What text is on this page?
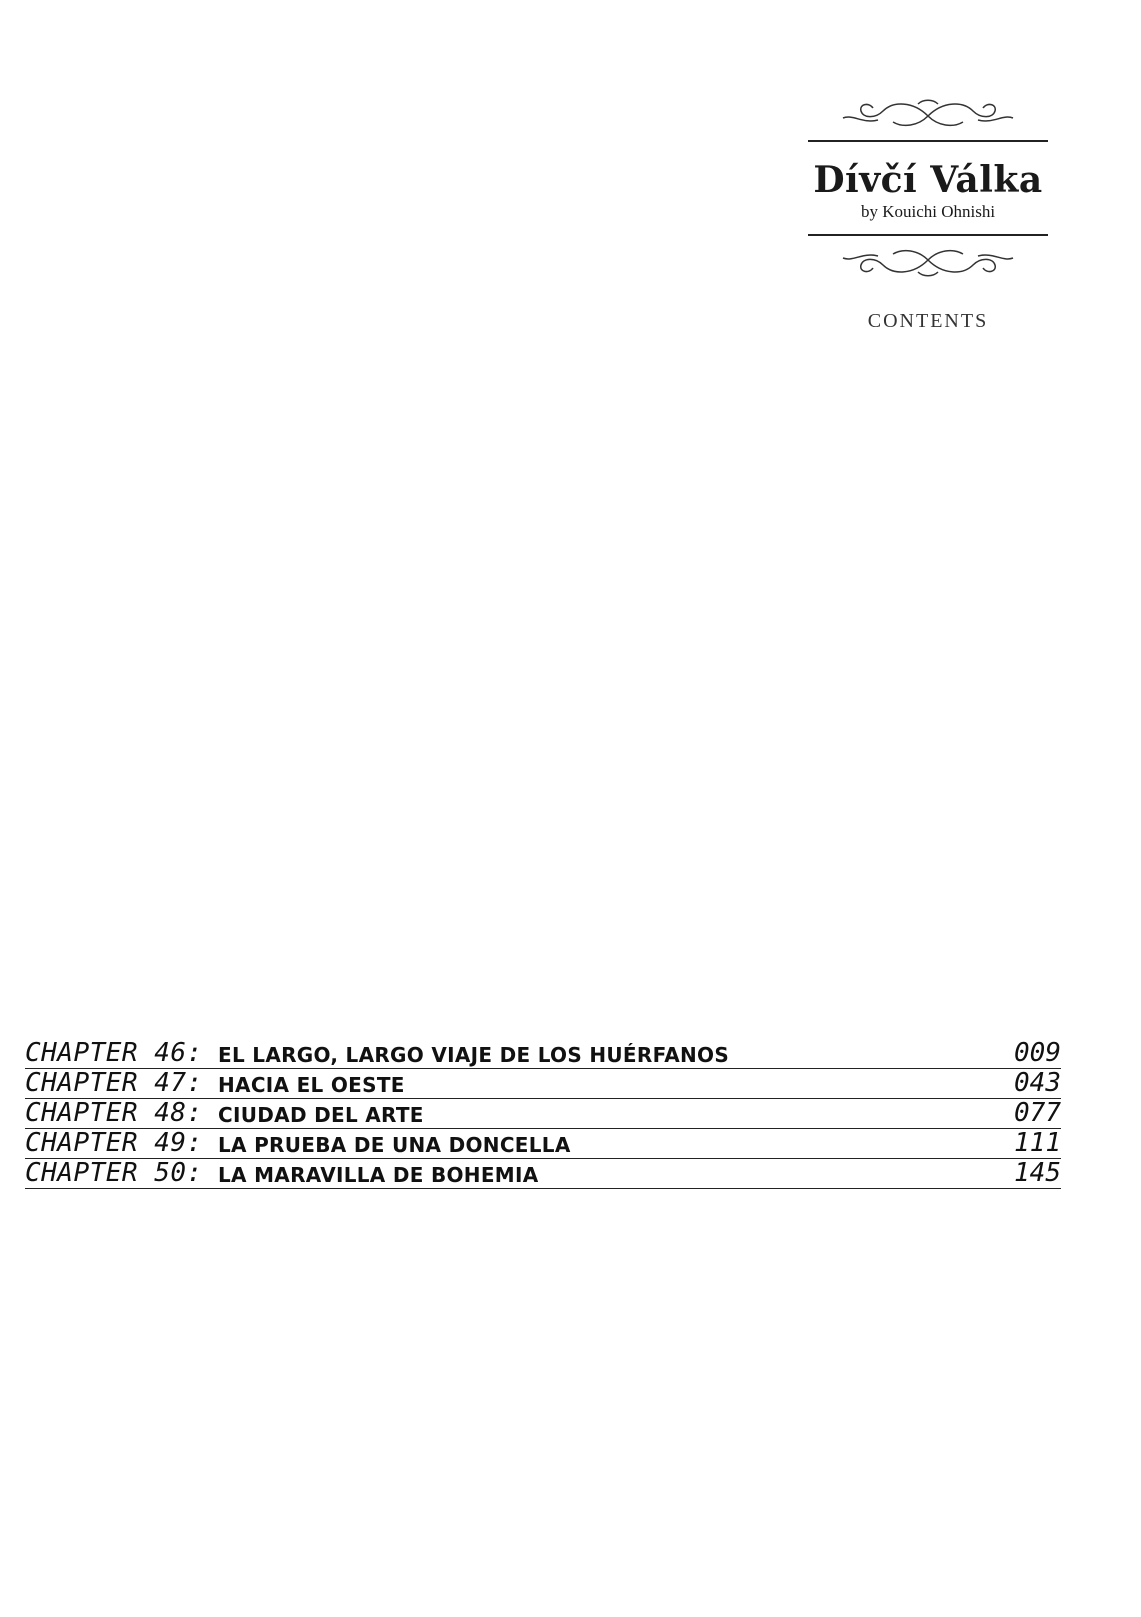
Dívčí Válka
by Kouichi Ohnishi
CONTENTS
CHAPTER 46: EL LARGO, LARGO VIAJE DE LOS HUÉRFANOS	009
CHAPTER 47: HACIA EL OESTE	043
CHAPTER 48: CIUDAD DEL ARTE	077
CHAPTER 49: LA PRUEBA DE UNA DONCELLA	111
CHAPTER 50: LA MARAVILLA DE BOHEMIA	145
